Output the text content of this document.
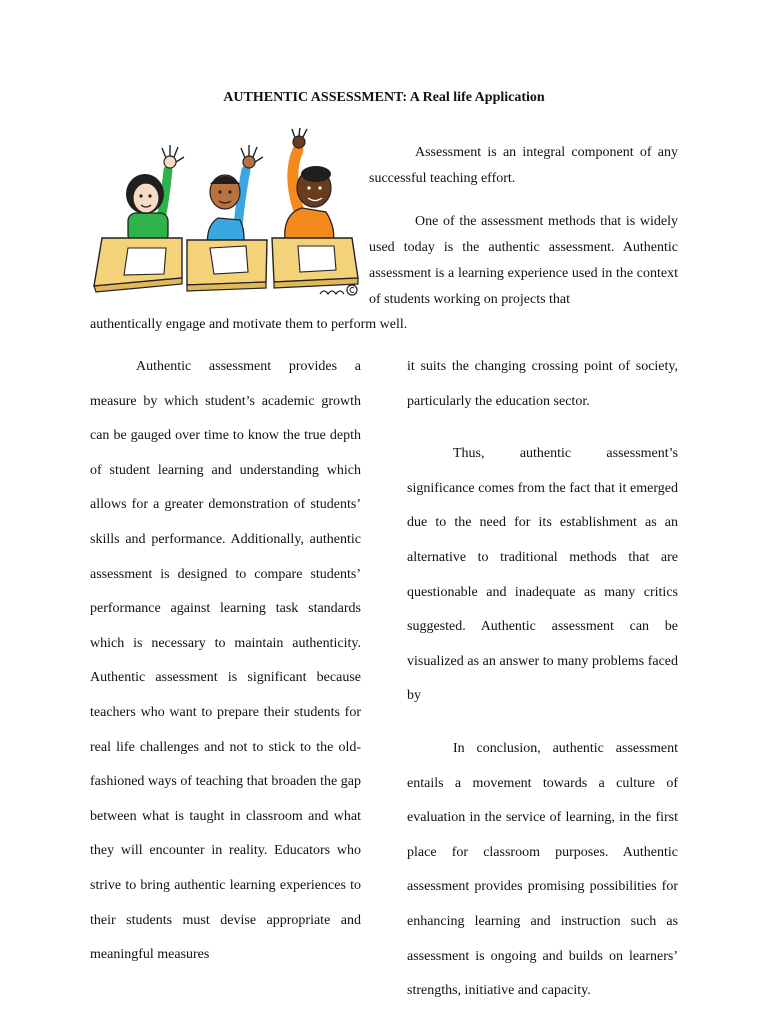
AUTHENTIC ASSESSMENT: A Real life Application

Assessment is an integral component of any successful teaching effort.

One of the assessment methods that is widely used today is the authentic assessment. Authentic assessment is a learning experience used in the context of students working on projects that

authentically engage and motivate them to perform well.

Authentic assessment provides a measure by which student’s academic growth can be gauged over time to know the true depth of student learning and understanding which allows for a greater demonstration of students’ skills and performance. Additionally, authentic assessment is designed to compare students’ performance against learning task standards which is necessary to maintain authenticity. Authentic assessment is significant because teachers who want to prepare their students for real life challenges and not to stick to the old-fashioned ways of teaching that broaden the gap between what is taught in classroom and what they will encounter in reality. Educators who strive to bring authentic learning experiences to their students must devise appropriate and meaningful measures

it suits the changing crossing point of society, particularly the education sector.

Thus, authentic assessment’s significance comes from the fact that it emerged due to the need for its establishment as an alternative to traditional methods that are questionable and inadequate as many critics suggested. Authentic assessment can be visualized as an answer to many problems faced by

In conclusion, authentic assessment entails a movement towards a culture of evaluation in the service of learning, in the first place for classroom purposes. Authentic assessment provides promising possibilities for enhancing learning and instruction such as assessment is ongoing and builds on learners’ strengths, initiative and capacity.
